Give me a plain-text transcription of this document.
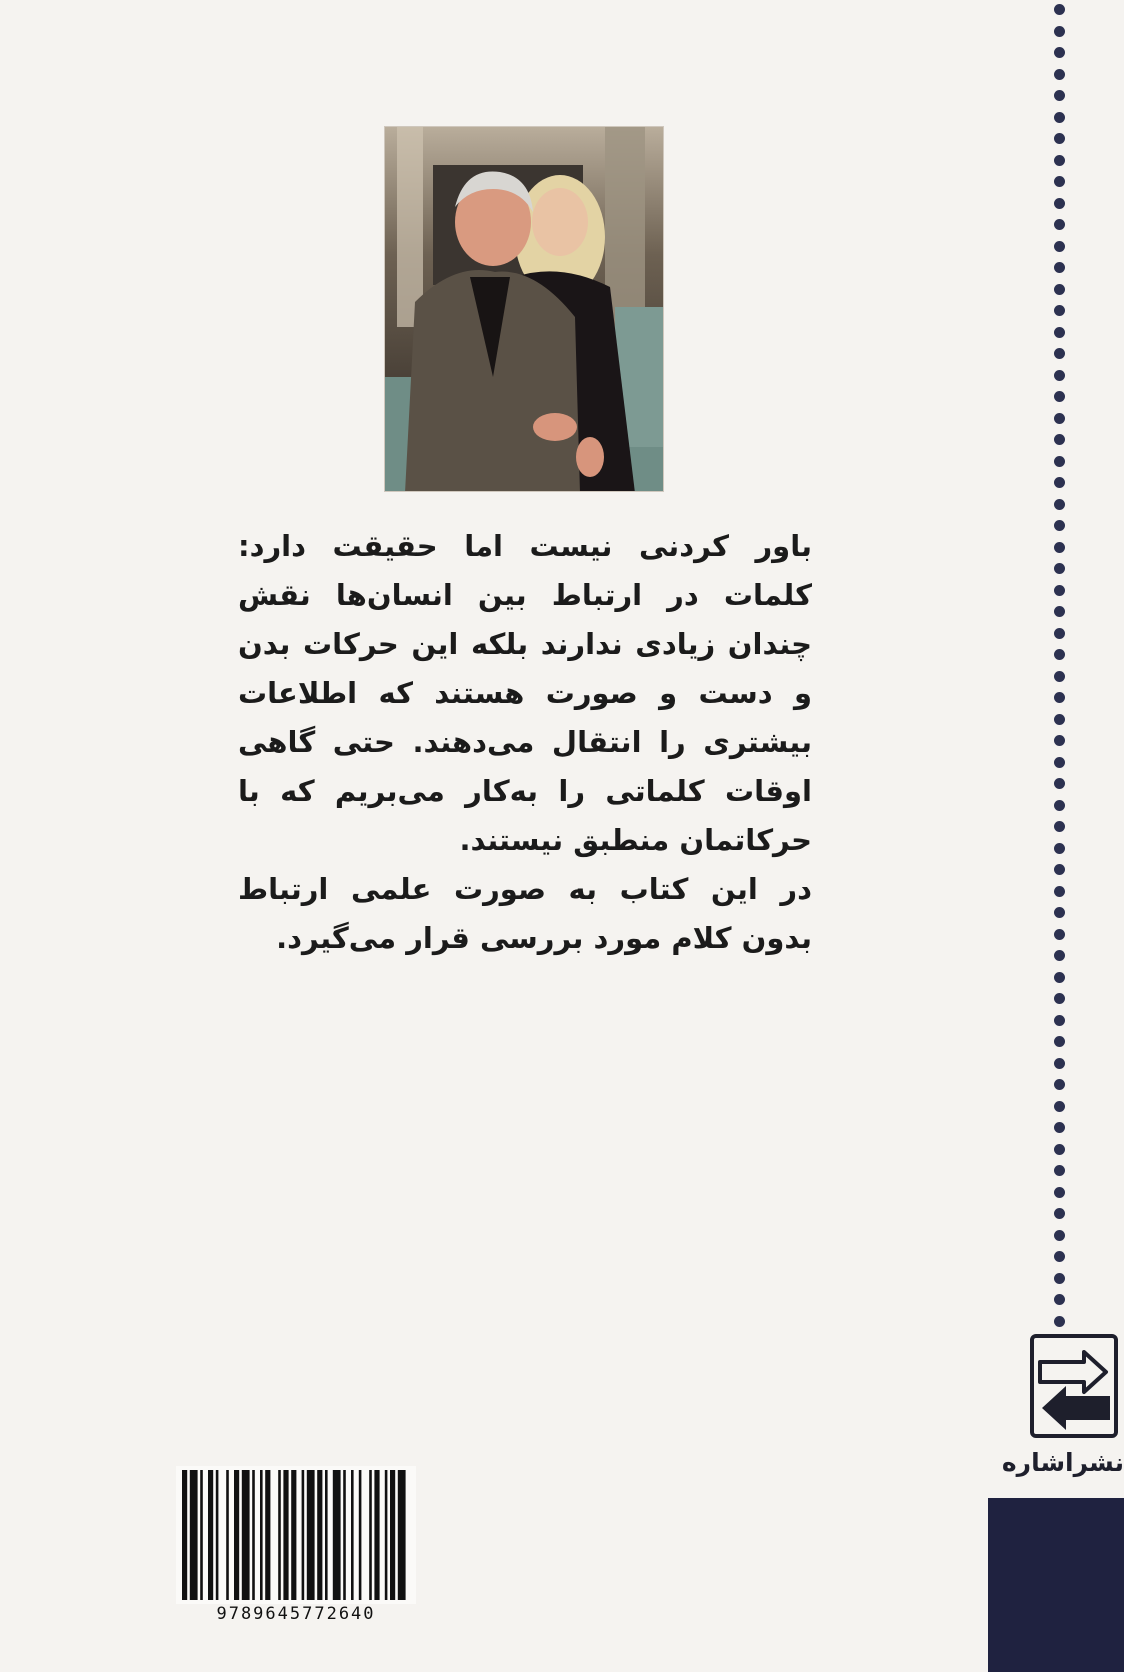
باور کردنی نیست اما حقیقت دارد: کلمات در ارتباط بین انسان‌ها نقش چندان زیادی ندارند بلکه این حرکات بدن و دست و صورت هستند که اطلاعات بیشتری را انتقال می‌دهند. حتی گاهی اوقات کلماتی را به‌کار می‌بریم که با حرکاتمان منطبق نیستند.

در این کتاب به صورت علمی ارتباط بدون کلام مورد بررسی قرار می‌گیرد.

نشراشاره
9789645772640
